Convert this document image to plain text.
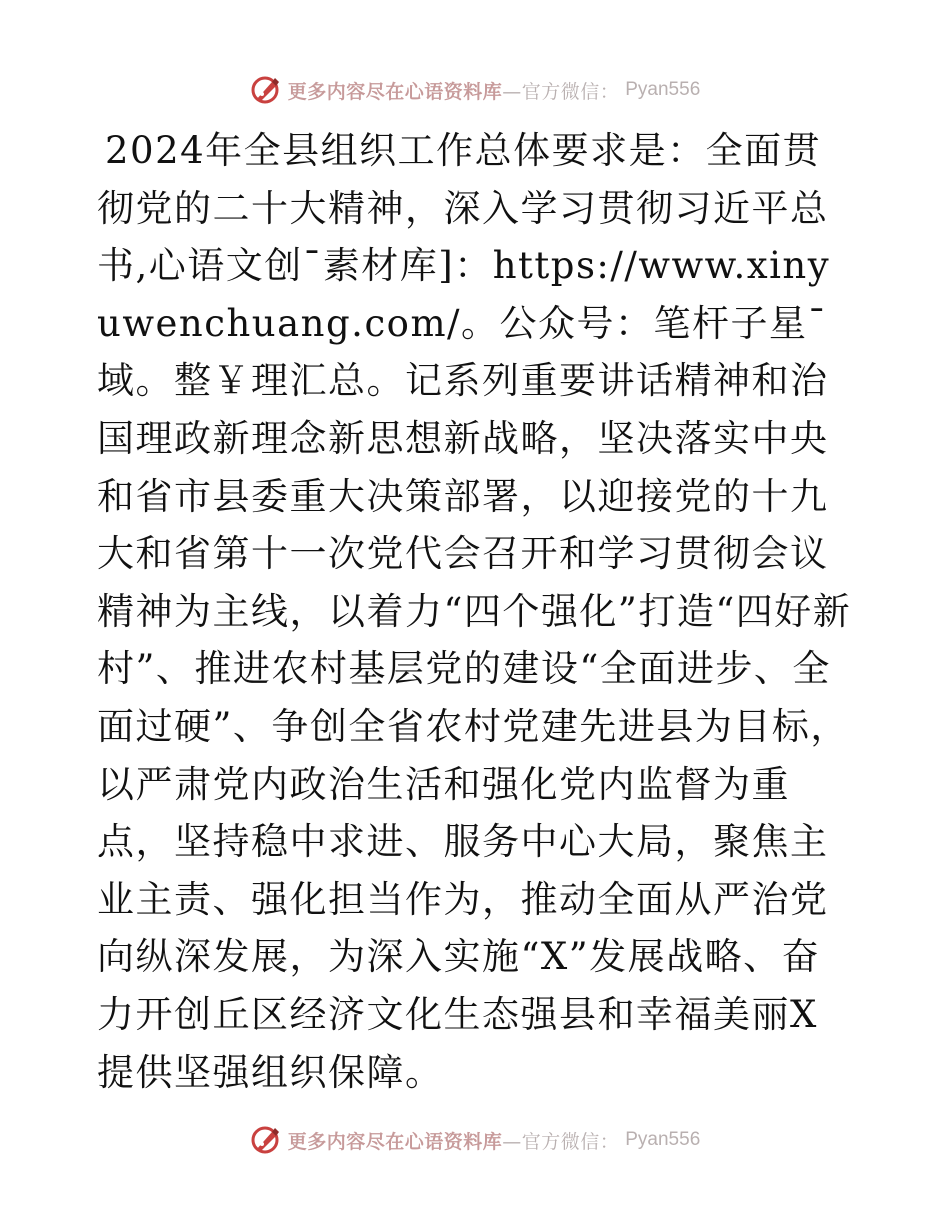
更多内容尽在心语资料库—官方微信： Pyan556

2024年全县组织工作总体要求是：全面贯彻党的二十大精神，深入学习贯彻习近平总书,心语文创¯素材库]：https://www.xinyuwenchuang.com/。公众号：笔杆子星¯域。整￥理汇总。记系列重要讲话精神和治国理政新理念新思想新战略，坚决落实中央和省市县委重大决策部署，以迎接党的十九大和省第十一次党代会召开和学习贯彻会议精神为主线，以着力“四个强化”打造“四好新村”、推进农村基层党的建设“全面进步、全面过硬”、争创全省农村党建先进县为目标，以严肃党内政治生活和强化党内监督为重点，坚持稳中求进、服务中心大局，聚焦主业主责、强化担当作为，推动全面从严治党向纵深发展，为深入实施“X”发展战略、奋力开创丘区经济文化生态强县和幸福美丽X提供坚强组织保障。

更多内容尽在心语资料库—官方微信： Pyan556
